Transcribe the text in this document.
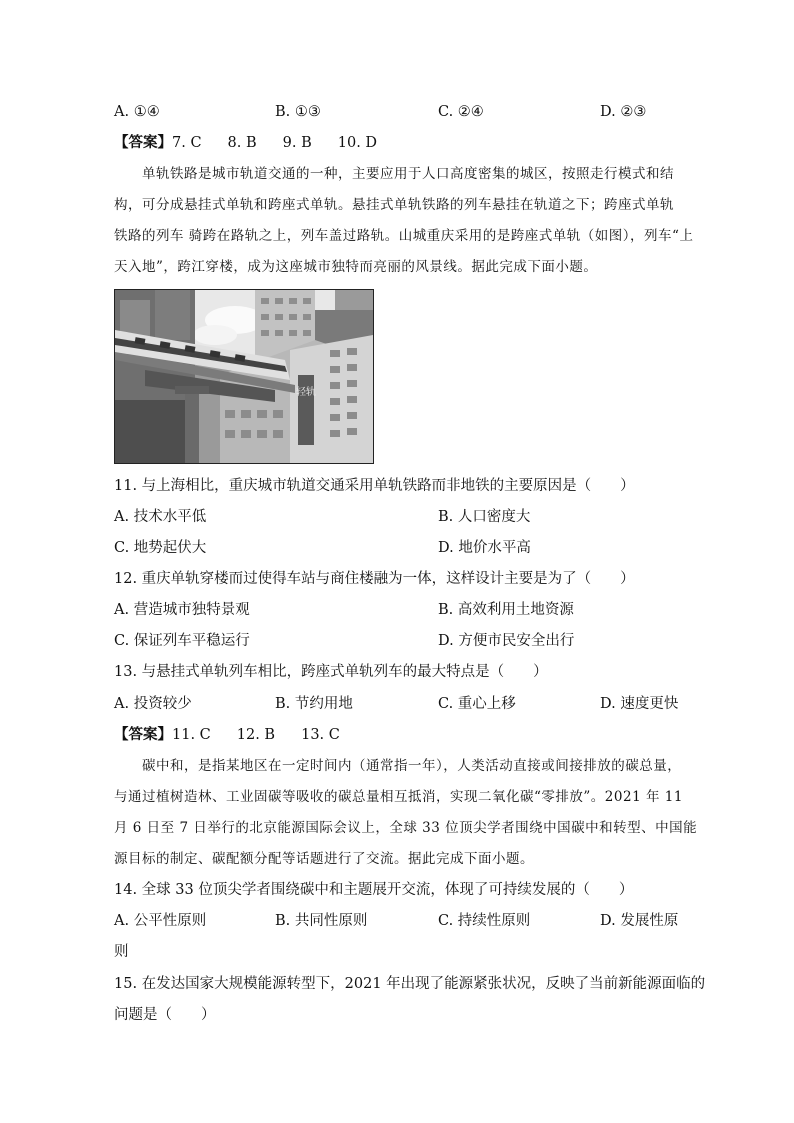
A. ①④	B. ①③	C. ②④	D. ②③
【答案】7. C 8. B 9. B 10. D
单轨铁路是城市轨道交通的一种，主要应用于人口高度密集的城区，按照走行模式和结
构，可分成悬挂式单轨和跨座式单轨。悬挂式单轨铁路的列车悬挂在轨道之下；跨座式单轨
铁路的列车 骑跨在路轨之上，列车盖过路轨。山城重庆采用的是跨座式单轨（如图），列车“上
天入地”，跨江穿楼，成为这座城市独特而亮丽的风景线。据此完成下面小题。
轻轨
11. 与上海相比，重庆城市轨道交通采用单轨铁路而非地铁的主要原因是（　　）
A. 技术水平低	B. 人口密度大
C. 地势起伏大	D. 地价水平高
12. 重庆单轨穿楼而过使得车站与商住楼融为一体，这样设计主要是为了（　　）
A. 营造城市独特景观	B. 高效利用土地资源
C. 保证列车平稳运行	D. 方便市民安全出行
13. 与悬挂式单轨列车相比，跨座式单轨列车的最大特点是（　　）
A. 投资较少	B. 节约用地	C. 重心上移	D. 速度更快
【答案】11. C 12. B 13. C
碳中和，是指某地区在一定时间内（通常指一年），人类活动直接或间接排放的碳总量，
与通过植树造林、工业固碳等吸收的碳总量相互抵消，实现二氧化碳“零排放”。2021 年 11
月 6 日至 7 日举行的北京能源国际会议上，全球 33 位顶尖学者围绕中国碳中和转型、中国能
源目标的制定、碳配额分配等话题进行了交流。据此完成下面小题。
14. 全球 33 位顶尖学者围绕碳中和主题展开交流，体现了可持续发展的（　　）
A. 公平性原则	B. 共同性原则	C. 持续性原则	D. 发展性原
则
15. 在发达国家大规模能源转型下，2021 年出现了能源紧张状况，反映了当前新能源面临的
问题是（　　）
